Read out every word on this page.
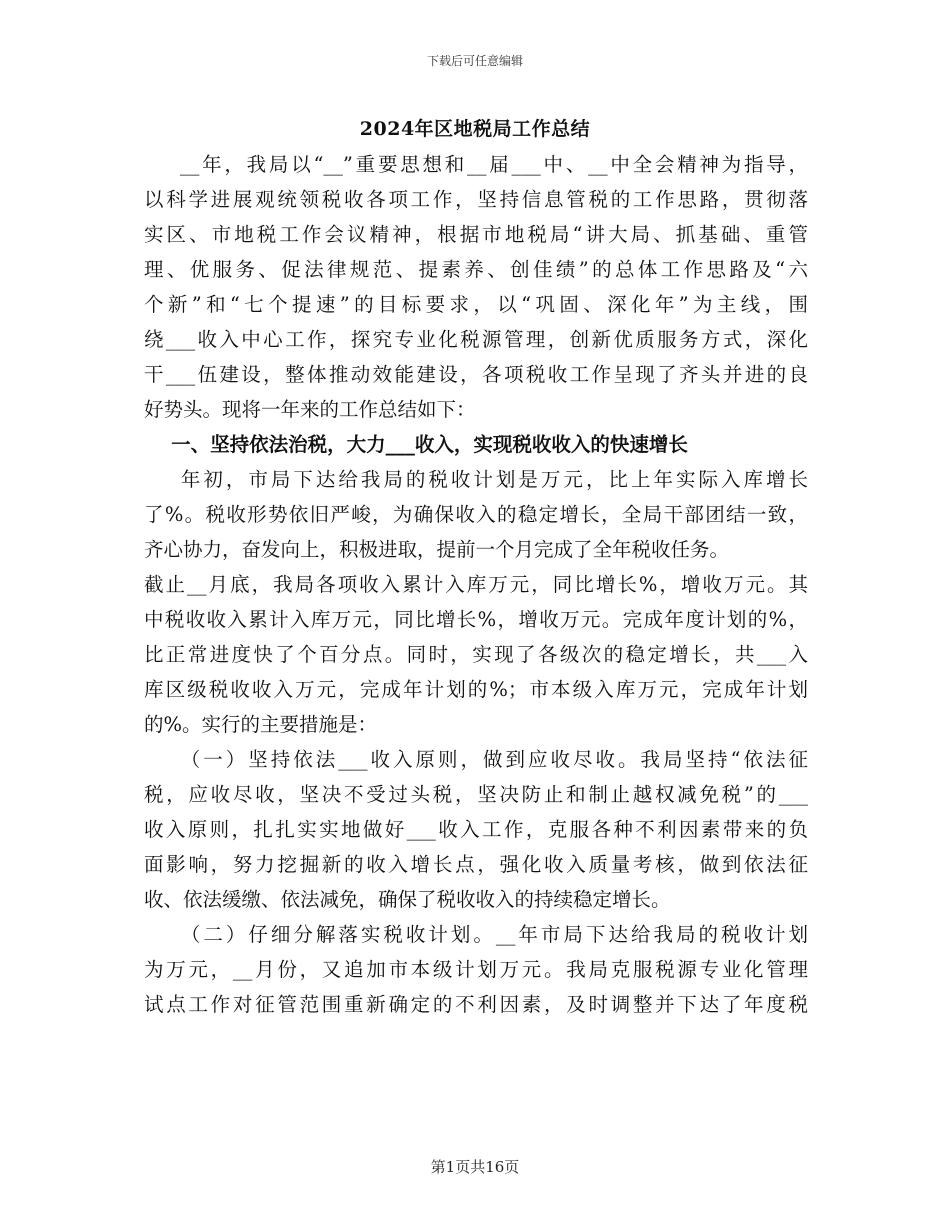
下载后可任意编辑
2024年区地税局工作总结
__年，我局以“__”重要思想和__届___中、__中全会精神为指导，
以科学进展观统领税收各项工作，坚持信息管税的工作思路，贯彻落
实区、市地税工作会议精神，根据市地税局“讲大局、抓基础、重管
理、优服务、促法律规范、提素养、创佳绩”的总体工作思路及“六
个新”和“七个提速”的目标要求，以“巩固、深化年”为主线，围
绕___收入中心工作，探究专业化税源管理，创新优质服务方式，深化
干___伍建设，整体推动效能建设，各项税收工作呈现了齐头并进的良
好势头。现将一年来的工作总结如下：
一、坚持依法治税，大力___收入，实现税收收入的快速增长
年初，市局下达给我局的税收计划是万元，比上年实际入库增长
了%。税收形势依旧严峻，为确保收入的稳定增长，全局干部团结一致，
齐心协力，奋发向上，积极进取，提前一个月完成了全年税收任务。
截止__月底，我局各项收入累计入库万元，同比增长%，增收万元。其
中税收收入累计入库万元，同比增长%，增收万元。完成年度计划的%，
比正常进度快了个百分点。同时，实现了各级次的稳定增长，共___入
库区级税收收入万元，完成年计划的%；市本级入库万元，完成年计划
的%。实行的主要措施是：
（一）坚持依法___收入原则，做到应收尽收。我局坚持“依法征
税，应收尽收，坚决不受过头税，坚决防止和制止越权减免税”的___
收入原则，扎扎实实地做好___收入工作，克服各种不利因素带来的负
面影响，努力挖掘新的收入增长点，强化收入质量考核，做到依法征
收、依法缓缴、依法减免，确保了税收收入的持续稳定增长。
（二）仔细分解落实税收计划。__年市局下达给我局的税收计划
为万元，__月份，又追加市本级计划万元。我局克服税源专业化管理
试点工作对征管范围重新确定的不利因素，及时调整并下达了年度税
第1页共16页
